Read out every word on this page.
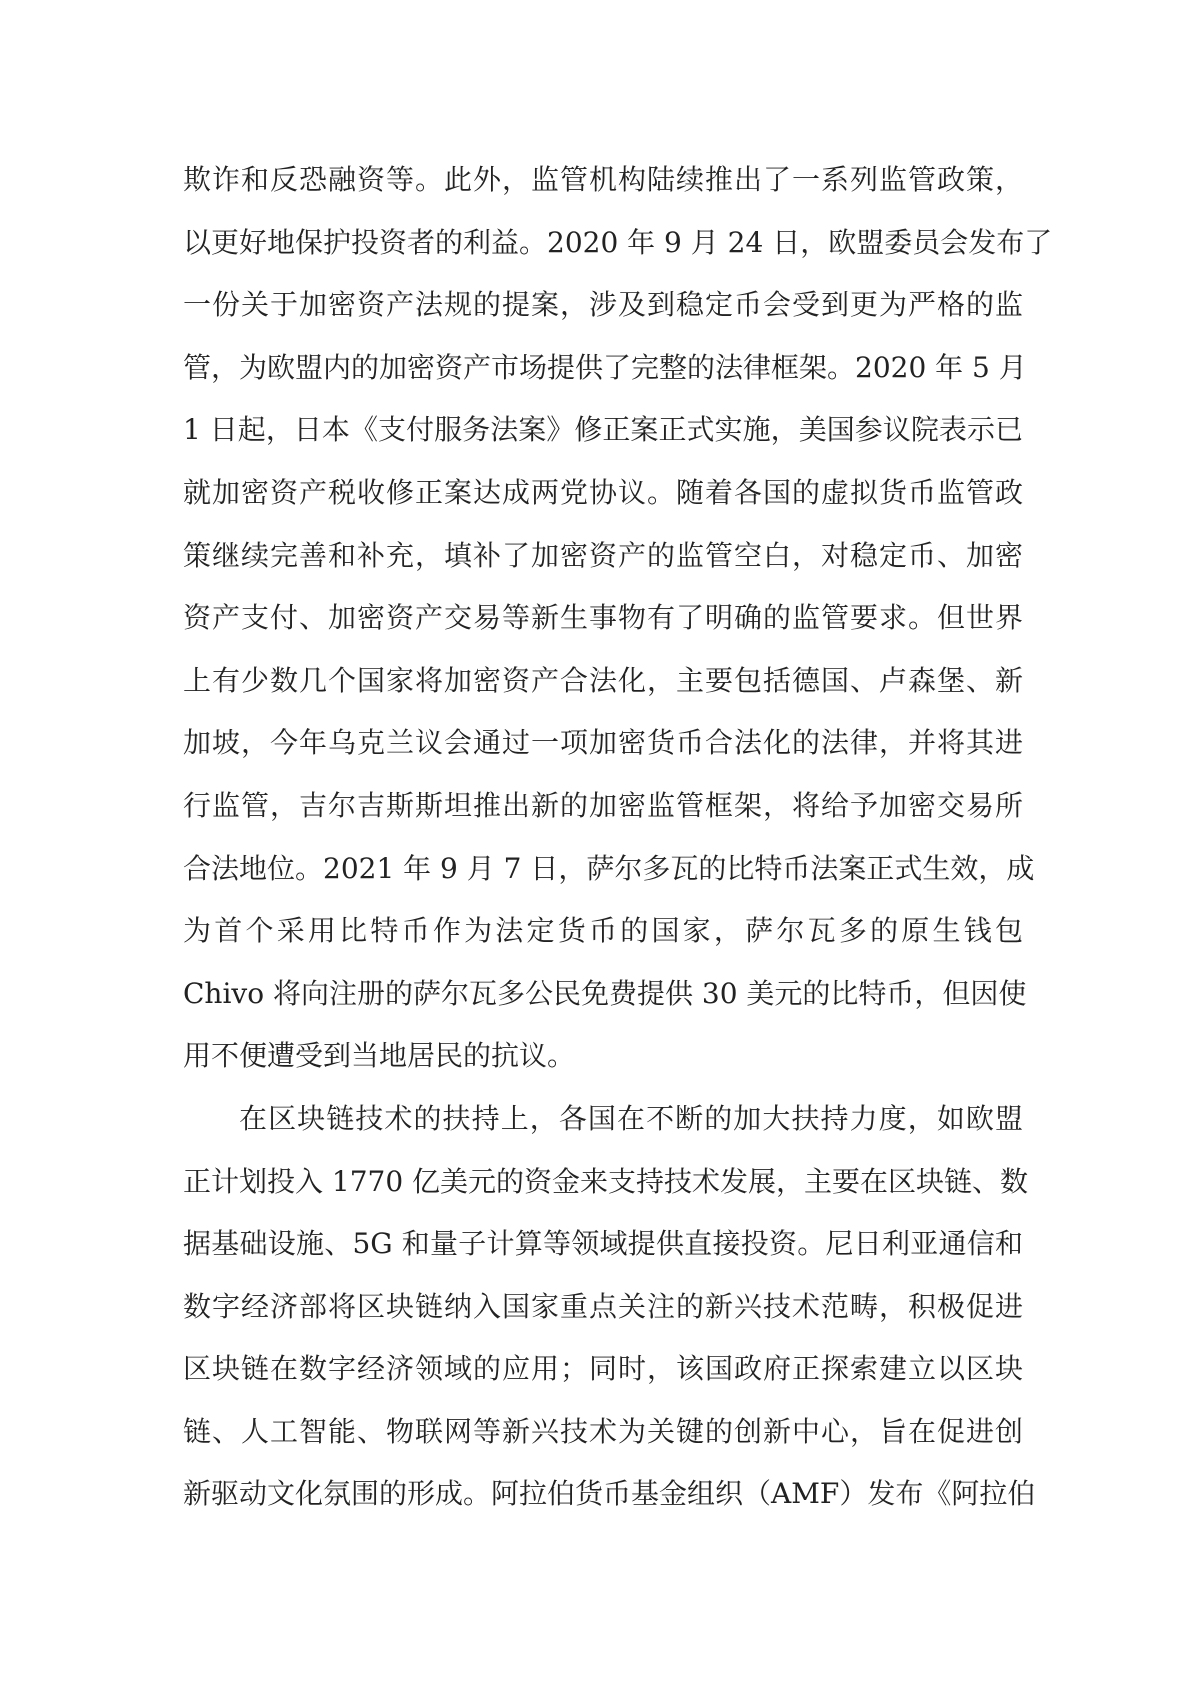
欺诈和反恐融资等。此外，监管机构陆续推出了一系列监管政策，
以更好地保护投资者的利益。2020 年 9 月 24 日，欧盟委员会发布了
一份关于加密资产法规的提案，涉及到稳定币会受到更为严格的监
管，为欧盟内的加密资产市场提供了完整的法律框架。2020 年 5 月
1 日起，日本《支付服务法案》修正案正式实施，美国参议院表示已
就加密资产税收修正案达成两党协议。随着各国的虚拟货币监管政
策继续完善和补充，填补了加密资产的监管空白，对稳定币、加密
资产支付、加密资产交易等新生事物有了明确的监管要求。但世界
上有少数几个国家将加密资产合法化，主要包括德国、卢森堡、新
加坡，今年乌克兰议会通过一项加密货币合法化的法律，并将其进
行监管，吉尔吉斯斯坦推出新的加密监管框架，将给予加密交易所
合法地位。2021 年 9 月 7 日，萨尔多瓦的比特币法案正式生效，成
为首个采用比特币作为法定货币的国家，萨尔瓦多的原生钱包
Chivo 将向注册的萨尔瓦多公民免费提供 30 美元的比特币，但因使
用不便遭受到当地居民的抗议。
在区块链技术的扶持上，各国在不断的加大扶持力度，如欧盟
正计划投入 1770 亿美元的资金来支持技术发展，主要在区块链、数
据基础设施、5G 和量子计算等领域提供直接投资。尼日利亚通信和
数字经济部将区块链纳入国家重点关注的新兴技术范畴，积极促进
区块链在数字经济领域的应用；同时，该国政府正探索建立以区块
链、人工智能、物联网等新兴技术为关键的创新中心，旨在促进创
新驱动文化氛围的形成。阿拉伯货币基金组织（AMF）发布《阿拉伯
